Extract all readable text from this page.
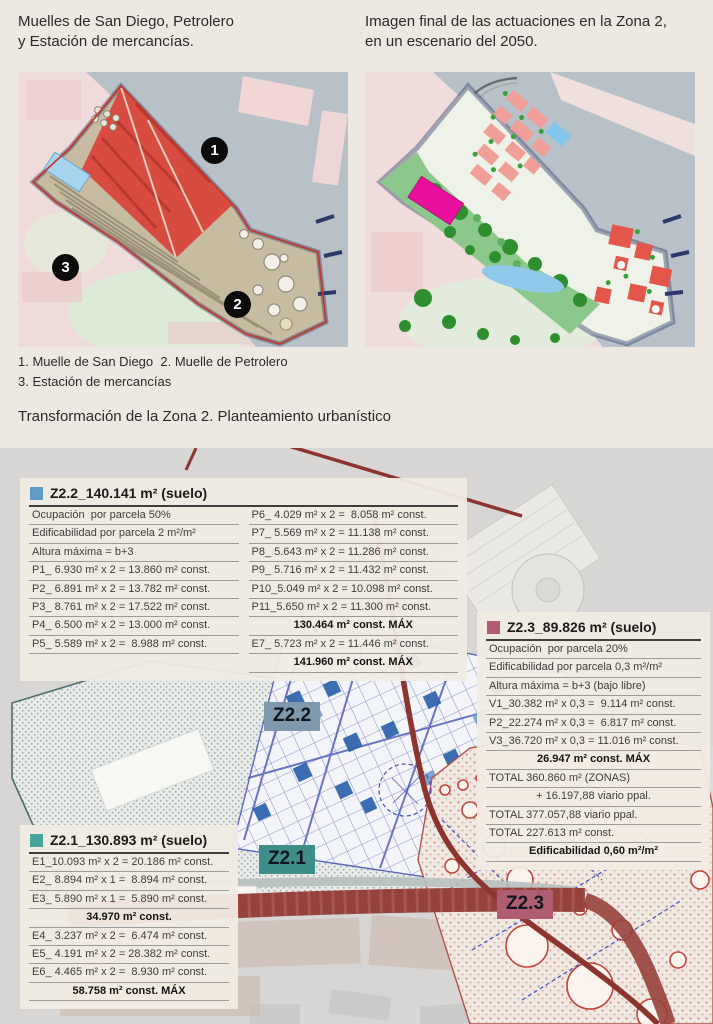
Muelles de San Diego, Petrolero
y Estación de mercancías.
Imagen final de las actuaciones en la Zona 2,
en un escenario del 2050.
1
2
3
1. Muelle de San Diego  2. Muelle de Petrolero
3. Estación de mercancías
Transformación de la Zona 2. Planteamiento urbanístico
Z2.2
Z2.1
Z2.3
Z2.2_140.141 m² (suelo)
Ocupación  por parcela 50%
Edificabilidad por parcela 2 m²/m²
Altura máxima = b+3
P1_ 6.930 m² x 2 = 13.860 m² const.
P2_ 6.891 m² x 2 = 13.782 m² const.
P3_ 8.761 m² x 2 = 17.522 m² const.
P4_ 6.500 m² x 2 = 13.000 m² const.
P5_ 5.589 m² x 2 =  8.988 m² const.
P6_ 4.029 m² x 2 =  8.058 m² const.
P7_ 5.569 m² x 2 = 11.138 m² const.
P8_ 5.643 m² x 2 = 11.286 m² const.
P9_ 5.716 m² x 2 = 11.432 m² const.
P10_5.049 m² x 2 = 10.098 m² const.
P11_5.650 m² x 2 = 11.300 m² const.
130.464 m² const. MÁX
E7_ 5.723 m² x 2 = 11.446 m² const.
141.960 m² const. MÁX
Z2.3_89.826 m² (suelo)
Ocupación  por parcela 20%
Edificabilidad por parcela 0,3 m²/m²
Altura máxima = b+3 (bajo libre)
V1_30.382 m² x 0,3 =  9.114 m² const.
P2_22.274 m² x 0,3 =  6.817 m² const.
V3_36.720 m² x 0,3 = 11.016 m² const.
26.947 m² const. MÁX
TOTAL 360.860 m² (ZONAS)
+ 16.197,88 viario ppal.
TOTAL 377.057,88 viario ppal.
TOTAL 227.613 m² const.
Edificabilidad 0,60 m²/m²
Z2.1_130.893 m² (suelo)
E1_10.093 m² x 2 = 20.186 m² const.
E2_ 8.894 m² x 1 =  8.894 m² const.
E3_ 5.890 m² x 1 =  5.890 m² const.
34.970 m² const.
E4_ 3.237 m² x 2 =  6.474 m² const.
E5_ 4.191 m² x 2 = 28.382 m² const.
E6_ 4.465 m² x 2 =  8.930 m² const.
58.758 m² const. MÁX
